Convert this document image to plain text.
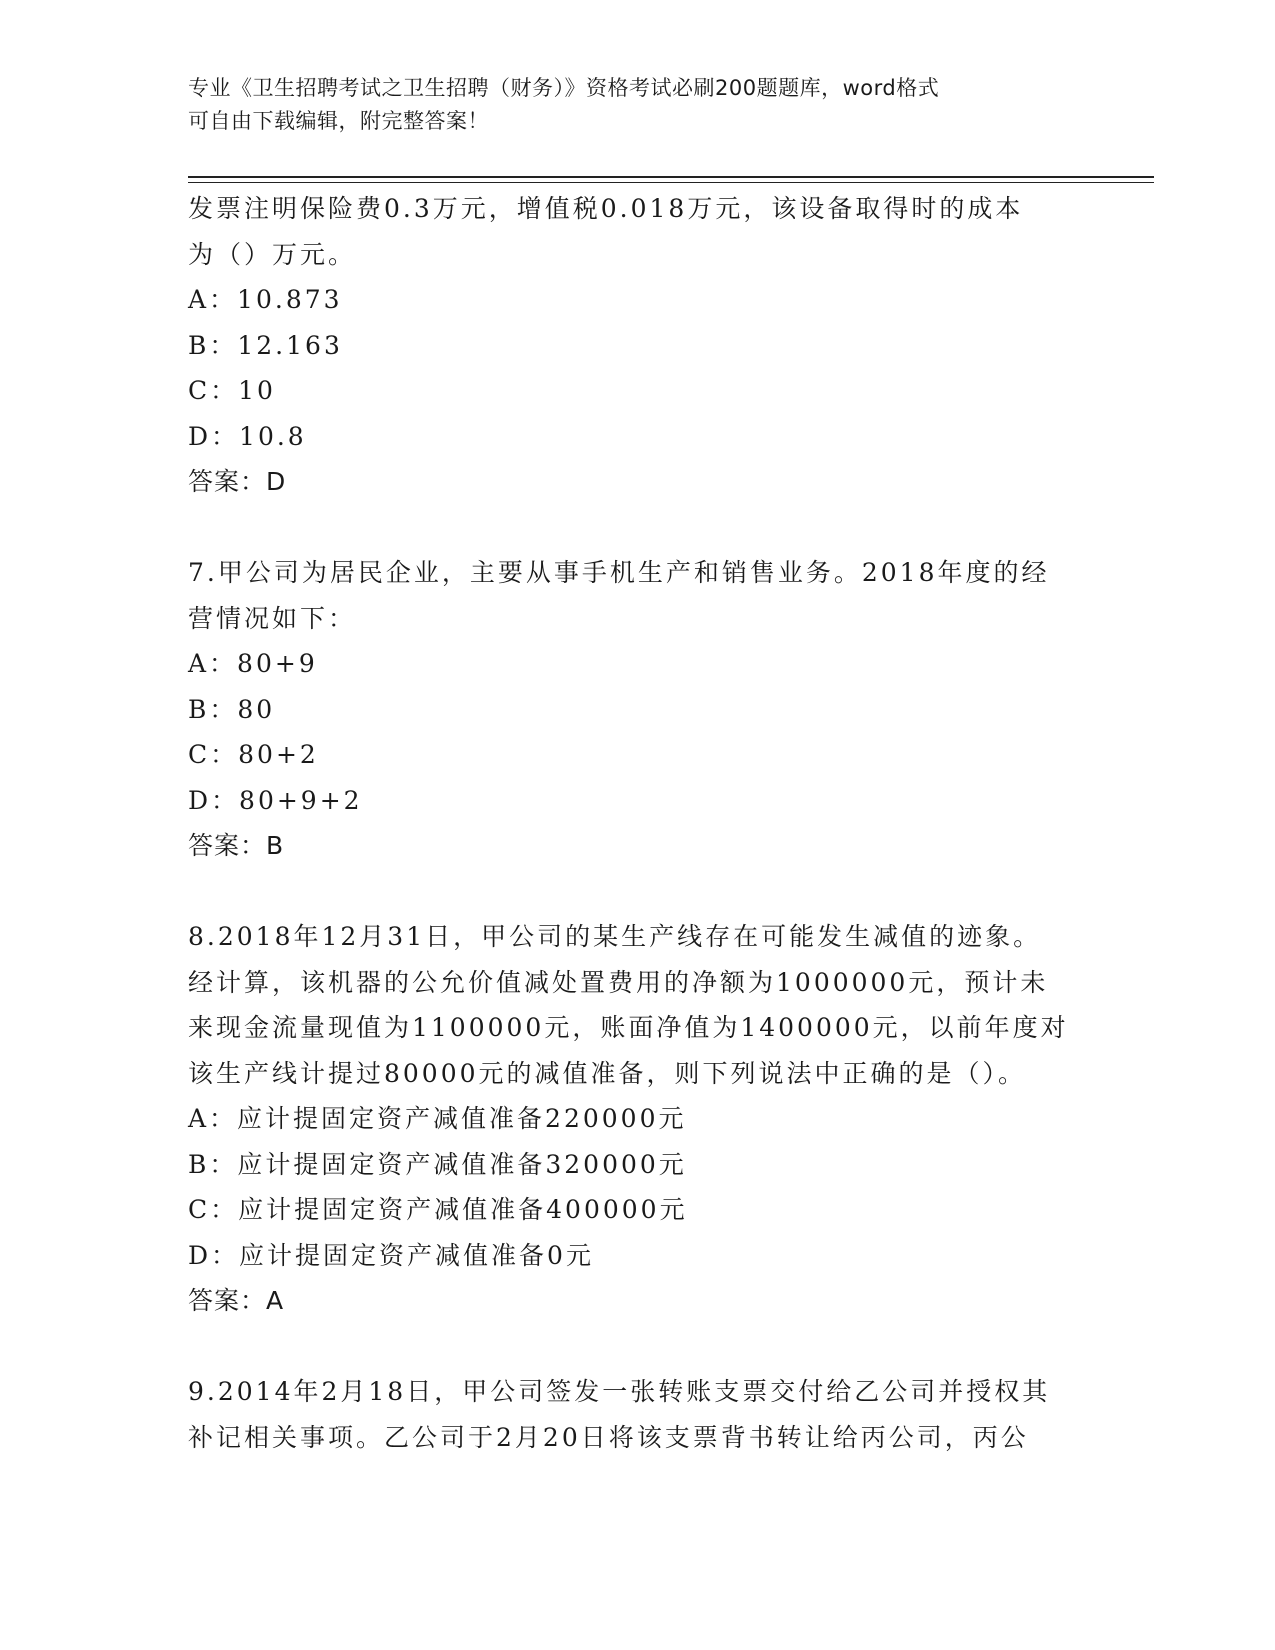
专业《卫生招聘考试之卫生招聘（财务）》资格考试必刷200题题库，word格式
可自由下载编辑，附完整答案！
发票注明保险费0.3万元，增值税0.018万元，该设备取得时的成本
为（）万元。
A：10.873
B：12.163
C：10
D：10.8
答案：D
7.甲公司为居民企业，主要从事手机生产和销售业务。2018年度的经
营情况如下：
A：80+9
B：80
C：80+2
D：80+9+2
答案：B
8.2018年12月31日，甲公司的某生产线存在可能发生减值的迹象。
经计算，该机器的公允价值减处置费用的净额为1000000元，预计未
来现金流量现值为1100000元，账面净值为1400000元，以前年度对
该生产线计提过80000元的减值准备，则下列说法中正确的是（）。
A：应计提固定资产减值准备220000元
B：应计提固定资产减值准备320000元
C：应计提固定资产减值准备400000元
D：应计提固定资产减值准备0元
答案：A
9.2014年2月18日，甲公司签发一张转账支票交付给乙公司并授权其
补记相关事项。乙公司于2月20日将该支票背书转让给丙公司，丙公
